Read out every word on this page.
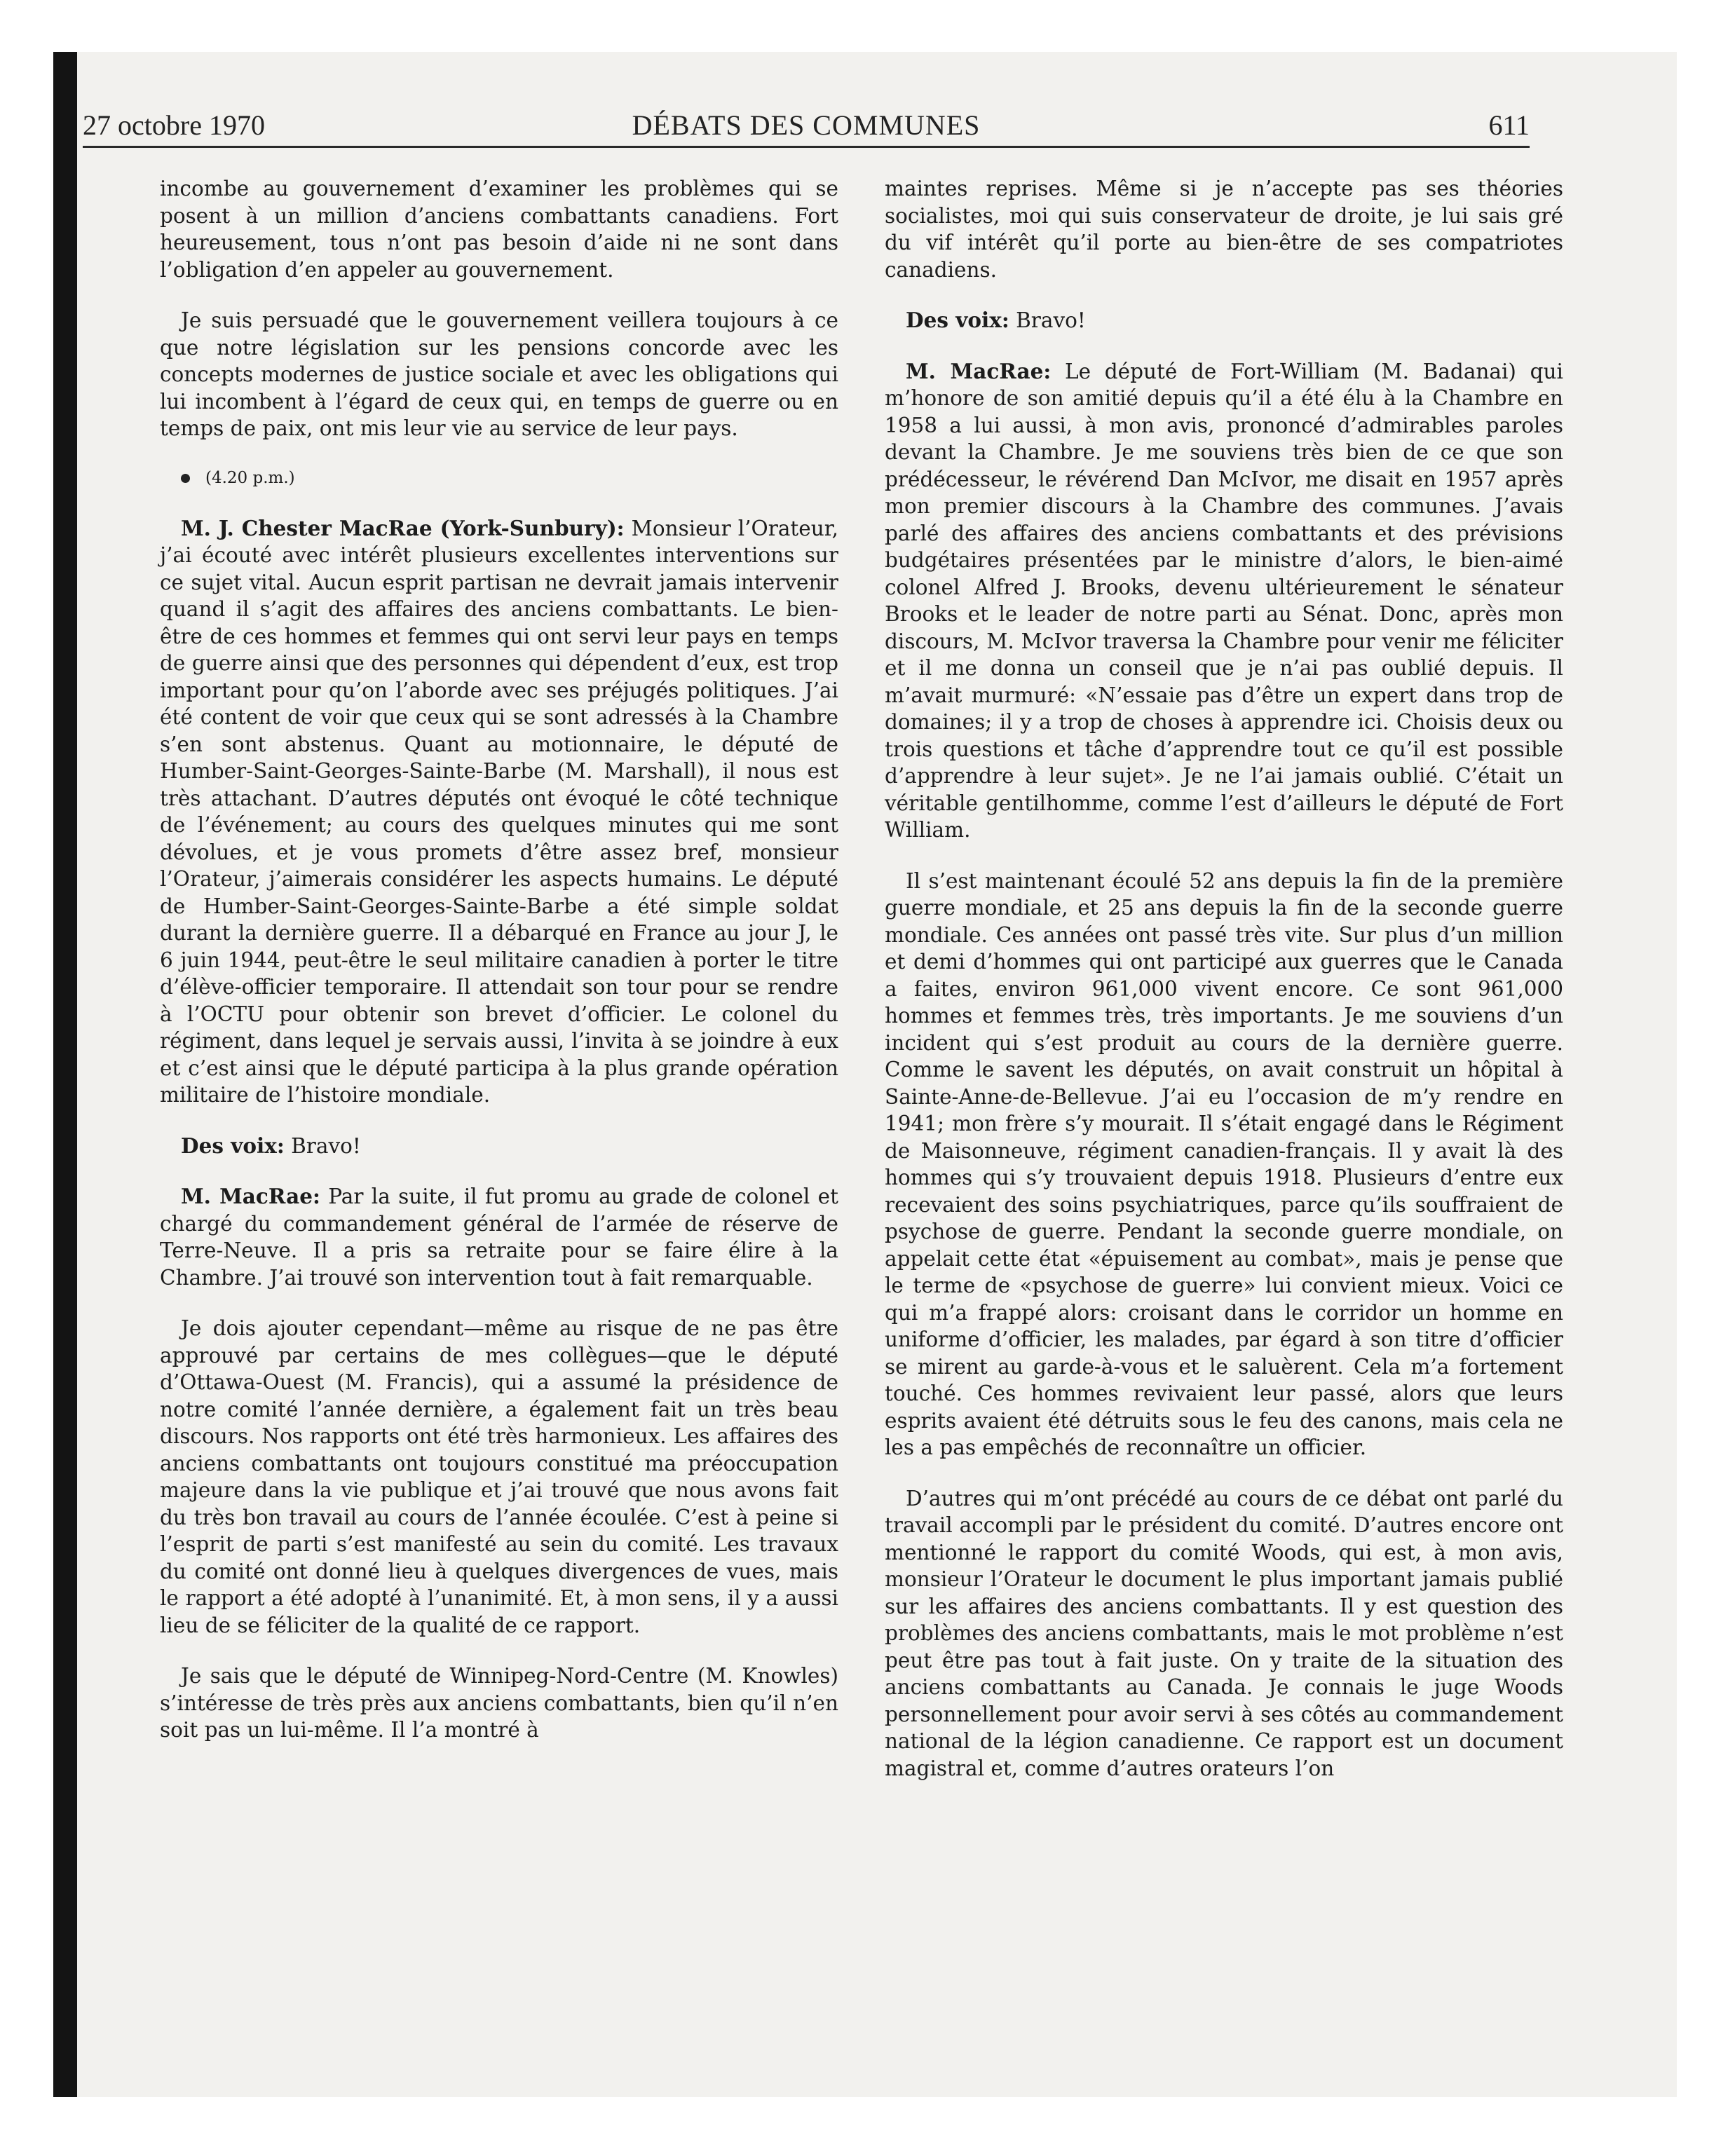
27 octobre 1970	DÉBATS DES COMMUNES	611

incombe au gouvernement d’examiner les problèmes qui se posent à un million d’anciens combattants canadiens. Fort heureusement, tous n’ont pas besoin d’aide ni ne sont dans l’obligation d’en appeler au gouvernement.

Je suis persuadé que le gouvernement veillera toujours à ce que notre législation sur les pensions concorde avec les concepts modernes de justice sociale et avec les obligations qui lui incombent à l’égard de ceux qui, en temps de guerre ou en temps de paix, ont mis leur vie au service de leur pays.

(4.20 p.m.)

M. J. Chester MacRae (York-Sunbury): Monsieur l’Orateur, j’ai écouté avec intérêt plusieurs excellentes interventions sur ce sujet vital. Aucun esprit partisan ne devrait jamais intervenir quand il s’agit des affaires des anciens combattants. Le bien-être de ces hommes et femmes qui ont servi leur pays en temps de guerre ainsi que des personnes qui dépendent d’eux, est trop important pour qu’on l’aborde avec ses préjugés politiques. J’ai été content de voir que ceux qui se sont adressés à la Chambre s’en sont abstenus. Quant au motionnaire, le député de Humber-Saint-Georges-Sainte-Barbe (M. Marshall), il nous est très attachant. D’autres députés ont évoqué le côté technique de l’événement; au cours des quelques minutes qui me sont dévolues, et je vous promets d’être assez bref, monsieur l’Orateur, j’aimerais considérer les aspects humains. Le député de Humber-Saint-Georges-Sainte-Barbe a été simple soldat durant la dernière guerre. Il a débarqué en France au jour J, le 6 juin 1944, peut-être le seul militaire canadien à porter le titre d’élève-officier temporaire. Il attendait son tour pour se rendre à l’OCTU pour obtenir son brevet d’officier. Le colonel du régiment, dans lequel je servais aussi, l’invita à se joindre à eux et c’est ainsi que le député participa à la plus grande opération militaire de l’histoire mondiale.

Des voix: Bravo!

M. MacRae: Par la suite, il fut promu au grade de colonel et chargé du commandement général de l’armée de réserve de Terre-Neuve. Il a pris sa retraite pour se faire élire à la Chambre. J’ai trouvé son intervention tout à fait remarquable.

Je dois ajouter cependant—même au risque de ne pas être approuvé par certains de mes collègues—que le député d’Ottawa-Ouest (M. Francis), qui a assumé la présidence de notre comité l’année dernière, a également fait un très beau discours. Nos rapports ont été très harmonieux. Les affaires des anciens combattants ont toujours constitué ma préoccupation majeure dans la vie publique et j’ai trouvé que nous avons fait du très bon travail au cours de l’année écoulée. C’est à peine si l’esprit de parti s’est manifesté au sein du comité. Les travaux du comité ont donné lieu à quelques divergences de vues, mais le rapport a été adopté à l’unanimité. Et, à mon sens, il y a aussi lieu de se féliciter de la qualité de ce rapport.

Je sais que le député de Winnipeg-Nord-Centre (M. Knowles) s’intéresse de très près aux anciens combattants, bien qu’il n’en soit pas un lui-même. Il l’a montré à

maintes reprises. Même si je n’accepte pas ses théories socialistes, moi qui suis conservateur de droite, je lui sais gré du vif intérêt qu’il porte au bien-être de ses compatriotes canadiens.

Des voix: Bravo!

M. MacRae: Le député de Fort-William (M. Badanai) qui m’honore de son amitié depuis qu’il a été élu à la Chambre en 1958 a lui aussi, à mon avis, prononcé d’admirables paroles devant la Chambre. Je me souviens très bien de ce que son prédécesseur, le révérend Dan McIvor, me disait en 1957 après mon premier discours à la Chambre des communes. J’avais parlé des affaires des anciens combattants et des prévisions budgétaires présentées par le ministre d’alors, le bien-aimé colonel Alfred J. Brooks, devenu ultérieurement le sénateur Brooks et le leader de notre parti au Sénat. Donc, après mon discours, M. McIvor traversa la Chambre pour venir me féliciter et il me donna un conseil que je n’ai pas oublié depuis. Il m’avait murmuré: «N’essaie pas d’être un expert dans trop de domaines; il y a trop de choses à apprendre ici. Choisis deux ou trois questions et tâche d’apprendre tout ce qu’il est possible d’apprendre à leur sujet». Je ne l’ai jamais oublié. C’était un véritable gentilhomme, comme l’est d’ailleurs le député de Fort William.

Il s’est maintenant écoulé 52 ans depuis la fin de la première guerre mondiale, et 25 ans depuis la fin de la seconde guerre mondiale. Ces années ont passé très vite. Sur plus d’un million et demi d’hommes qui ont participé aux guerres que le Canada a faites, environ 961,000 vivent encore. Ce sont 961,000 hommes et femmes très, très importants. Je me souviens d’un incident qui s’est produit au cours de la dernière guerre. Comme le savent les députés, on avait construit un hôpital à Sainte-Anne-de-Bellevue. J’ai eu l’occasion de m’y rendre en 1941; mon frère s’y mourait. Il s’était engagé dans le Régiment de Maisonneuve, régiment canadien-français. Il y avait là des hommes qui s’y trouvaient depuis 1918. Plusieurs d’entre eux recevaient des soins psychiatriques, parce qu’ils souffraient de psychose de guerre. Pendant la seconde guerre mondiale, on appelait cette état «épuisement au combat», mais je pense que le terme de «psychose de guerre» lui convient mieux. Voici ce qui m’a frappé alors: croisant dans le corridor un homme en uniforme d’officier, les malades, par égard à son titre d’officier se mirent au garde-à-vous et le saluèrent. Cela m’a fortement touché. Ces hommes revivaient leur passé, alors que leurs esprits avaient été détruits sous le feu des canons, mais cela ne les a pas empêchés de reconnaître un officier.

D’autres qui m’ont précédé au cours de ce débat ont parlé du travail accompli par le président du comité. D’autres encore ont mentionné le rapport du comité Woods, qui est, à mon avis, monsieur l’Orateur le document le plus important jamais publié sur les affaires des anciens combattants. Il y est question des problèmes des anciens combattants, mais le mot problème n’est peut être pas tout à fait juste. On y traite de la situation des anciens combattants au Canada. Je connais le juge Woods personnellement pour avoir servi à ses côtés au commandement national de la légion canadienne. Ce rapport est un document magistral et, comme d’autres orateurs l’on
